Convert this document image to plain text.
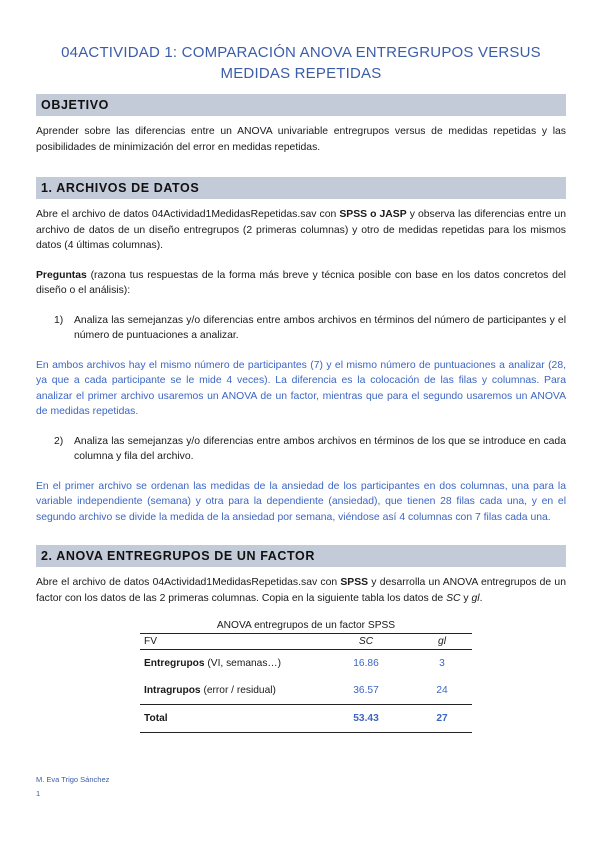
04ACTIVIDAD 1: COMPARACIÓN ANOVA ENTREGRUPOS VERSUS MEDIDAS REPETIDAS
OBJETIVO
Aprender sobre las diferencias entre un ANOVA univariable entregrupos versus de medidas repetidas y las posibilidades de minimización del error en medidas repetidas.
1. ARCHIVOS DE DATOS
Abre el archivo de datos 04Actividad1MedidasRepetidas.sav con SPSS o JASP y observa las diferencias entre un archivo de datos de un diseño entregrupos (2 primeras columnas) y otro de medidas repetidas para los mismos datos (4 últimas columnas).
Preguntas (razona tus respuestas de la forma más breve y técnica posible con base en los datos concretos del diseño o el análisis):
1)	Analiza las semejanzas y/o diferencias entre ambos archivos en términos del número de participantes y el número de puntuaciones a analizar.
En ambos archivos hay el mismo número de participantes (7) y el mismo número de puntuaciones a analizar (28, ya que a cada participante se le mide 4 veces). La diferencia es la colocación de las filas y columnas. Para analizar el primer archivo usaremos un ANOVA de un factor, mientras que para el segundo usaremos un ANOVA de medidas repetidas.
2)	Analiza las semejanzas y/o diferencias entre ambos archivos en términos de los que se introduce en cada columna y fila del archivo.
En el primer archivo se ordenan las medidas de la ansiedad de los participantes en dos columnas, una para la variable independiente (semana) y otra para la dependiente (ansiedad), que tienen 28 filas cada una, y en el segundo archivo se divide la medida de la ansiedad por semana, viéndose así 4 columnas con 7 filas cada una.
2. ANOVA ENTREGRUPOS DE UN FACTOR
Abre el archivo de datos 04Actividad1MedidasRepetidas.sav con SPSS y desarrolla un ANOVA entregrupos de un factor con los datos de las 2 primeras columnas. Copia en la siguiente tabla los datos de SC y gl.
ANOVA entregrupos de un factor SPSS
FV	SC	gl
Entregrupos (VI, semanas…)	16.86	3
Intragrupos (error / residual)	36.57	24
Total	53.43	27
M. Eva Trigo Sánchez
1
